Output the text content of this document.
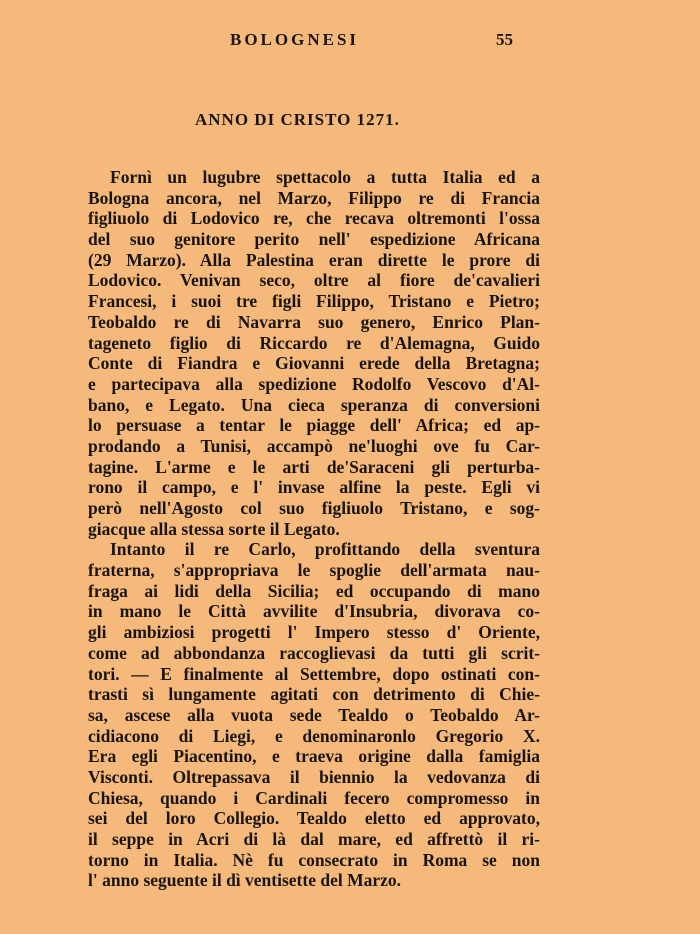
BOLOGNESI	55
ANNO DI CRISTO 1271.
Fornì un lugubre spettacolo a tutta Italia ed a
Bologna ancora, nel Marzo, Filippo re di Francia
figliuolo di Lodovico re, che recava oltremonti l'ossa
del suo genitore perito nell' espedizione Africana
(29 Marzo). Alla Palestina eran dirette le prore di
Lodovico. Venivan seco, oltre al fiore de'cavalieri
Francesi, i suoi tre figli Filippo, Tristano e Pietro;
Teobaldo re di Navarra suo genero, Enrico Plan-
tageneto figlio di Riccardo re d'Alemagna, Guido
Conte di Fiandra e Giovanni erede della Bretagna;
e partecipava alla spedizione Rodolfo Vescovo d'Al-
bano, e Legato. Una cieca speranza di conversioni
lo persuase a tentar le piagge dell' Africa; ed ap-
prodando a Tunisi, accampò ne'luoghi ove fu Car-
tagine. L'arme e le arti de'Saraceni gli perturba-
rono il campo, e l' invase alfine la peste. Egli vi
però nell'Agosto col suo figliuolo Tristano, e sog-
giacque alla stessa sorte il Legato.
Intanto il re Carlo, profittando della sventura
fraterna, s'appropriava le spoglie dell'armata nau-
fraga ai lidi della Sicilia; ed occupando di mano
in mano le Città avvilite d'Insubria, divorava co-
gli ambiziosi progetti l' Impero stesso d' Oriente,
come ad abbondanza raccoglievasi da tutti gli scrit-
tori. — E finalmente al Settembre, dopo ostinati con-
trasti sì lungamente agitati con detrimento di Chie-
sa, ascese alla vuota sede Tealdo o Teobaldo Ar-
cidiacono di Liegi, e denominaronlo Gregorio X.
Era egli Piacentino, e traeva origine dalla famiglia
Visconti. Oltrepassava il biennio la vedovanza di
Chiesa, quando i Cardinali fecero compromesso in
sei del loro Collegio. Tealdo eletto ed approvato,
il seppe in Acri di là dal mare, ed affrettò il ri-
torno in Italia. Nè fu consecrato in Roma se non
l' anno seguente il dì ventisette del Marzo.
